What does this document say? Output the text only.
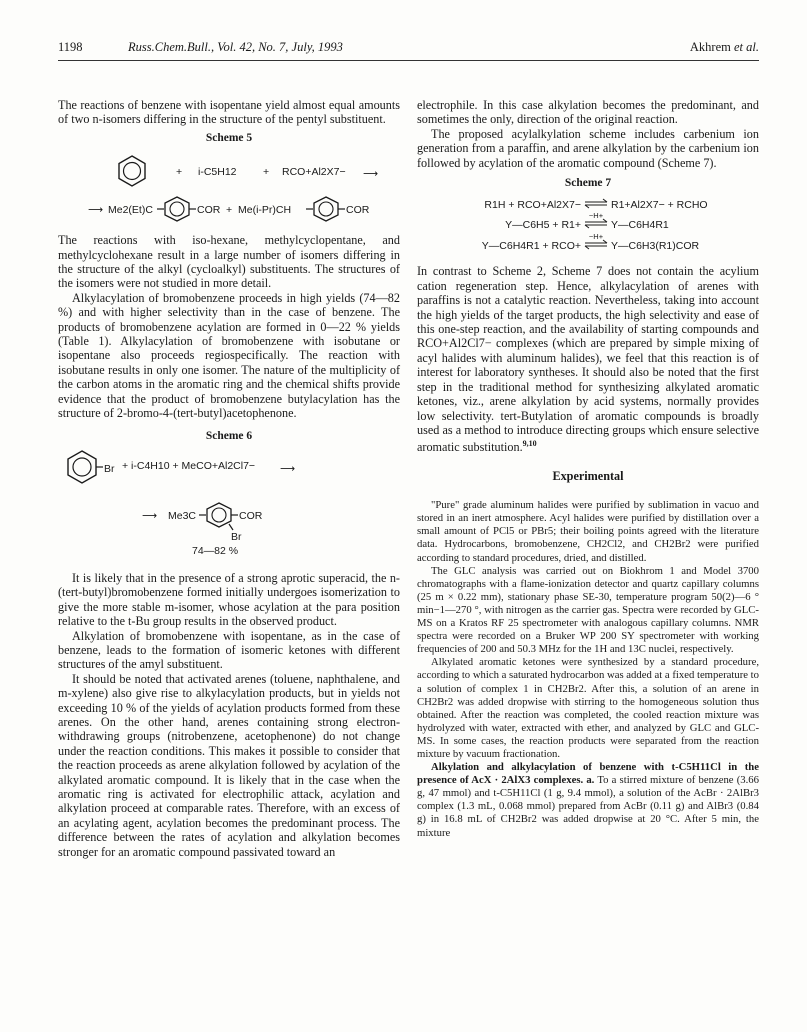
1198	Russ.Chem.Bull., Vol. 42, No. 7, July, 1993	Akhrem et al.

The reactions of benzene with isopentane yield almost equal amounts of two n-isomers differing in the structure of the pentyl substituent.

Scheme 5
+ i-C5H12	+ RCO+Al2X7− ⟶
⟶ Me2(Et)C	COR + Me(i-Pr)CH	COR

The reactions with iso-hexane, methylcyclopentane, and methylcyclohexane result in a large number of isomers differing in the structure of the alkyl (cycloalkyl) substituents. The structures of the isomers were not studied in more detail.

Alkylacylation of bromobenzene proceeds in high yields (74—82 %) and with higher selectivity than in the case of benzene. The products of bromobenzene acylation are formed in 0—22 % yields (Table 1). Alkylacylation of bromobenzene with isobutane or isopentane also proceeds regiospecifically. The reaction with isobutane results in only one isomer. The nature of the multiplicity of the carbon atoms in the aromatic ring and the chemical shifts provide evidence that the product of bromobenzene butylacylation has the structure of 2-bromo-4-(tert-butyl)acetophenone.

Scheme 6
Br + i-C4H10 + MeCO+Al2Cl7− ⟶
⟶ Me3C	COR
Br
74—82 %

It is likely that in the presence of a strong aprotic superacid, the n-(tert-butyl)bromobenzene formed initially undergoes isomerization to give the more stable m-isomer, whose acylation at the para position relative to the t-Bu group results in the observed product.

Alkylation of bromobenzene with isopentane, as in the case of benzene, leads to the formation of isomeric ketones with different structures of the amyl substituent.

It should be noted that activated arenes (toluene, naphthalene, and m-xylene) also give rise to alkylacylation products, but in yields not exceeding 10 % of the yields of acylation products formed from these arenes. On the other hand, arenes containing strong electron-withdrawing groups (nitrobenzene, acetophenone) do not change under the reaction conditions. This makes it possible to consider that the reaction proceeds as arene alkylation followed by acylation of the alkylated aromatic compound. It is likely that in the case when the aromatic ring is activated for electrophilic attack, acylation and alkylation proceed at comparable rates. Therefore, with an excess of an acylating agent, acylation becomes the predominant process. The difference between the rates of acylation and alkylation becomes stronger for an aromatic compound passivated toward an

electrophile. In this case alkylation becomes the predominant, and sometimes the only, direction of the original reaction.

The proposed acylalkylation scheme includes carbenium ion generation from a paraffin, and arene alkylation by the carbenium ion followed by acylation of the aromatic compound (Scheme 7).

Scheme 7
R1H + RCO+Al2X7−	R1+Al2X7− + RCHO
Y—C6H5 + R1+
−H+
Y—C6H4R1
Y—C6H4R1 + RCO+
−H+
Y—C6H3(R1)COR

In contrast to Scheme 2, Scheme 7 does not contain the acylium cation regeneration step. Hence, alkylacylation of arenes with paraffins is not a catalytic reaction. Nevertheless, taking into account the high yields of the target products, the high selectivity and ease of this one-step reaction, and the availability of starting compounds and RCO+Al2Cl7− complexes (which are prepared by simple mixing of acyl halides with aluminum halides), we feel that this reaction is of interest for laboratory syntheses. It should also be noted that the first step in the traditional method for synthesizing alkylated aromatic ketones, viz., arene alkylation by acid systems, normally provides low selectivity. tert-Butylation of aromatic compounds is broadly used as a method to introduce directing groups which ensure selective aromatic substitution.$^{9,10}$

Experimental

"Pure" grade aluminum halides were purified by sublimation in vacuo and stored in an inert atmosphere. Acyl halides were purified by distillation over a small amount of PCl5 or PBr5; their boiling points agreed with the literature data. Hydrocarbons, bromobenzene, CH2Cl2, and CH2Br2 were purified according to standard procedures, dried, and distilled.

The GLC analysis was carried out on Biokhrom 1 and Model 3700 chromatographs with a flame-ionization detector and quartz capillary columns (25 m × 0.22 mm), stationary phase SE-30, temperature program 50(2)—6 ° min−1—270 °, with nitrogen as the carrier gas. Spectra were recorded by GLC-MS on a Kratos RF 25 spectrometer with analogous capillary columns. NMR spectra were recorded on a Bruker WP 200 SY spectrometer with working frequencies of 200 and 50.3 MHz for the 1H and 13C nuclei, respectively.

Alkylated aromatic ketones were synthesized by a standard procedure, according to which a saturated hydrocarbon was added at a fixed temperature to a solution of complex 1 in CH2Br2. After this, a solution of an arene in CH2Br2 was added dropwise with stirring to the homogeneous solution thus obtained. After the reaction was completed, the cooled reaction mixture was hydrolyzed with water, extracted with ether, and analyzed by GLC and GLC-MS. In some cases, the reaction products were separated from the reaction mixture by vacuum fractionation.

Alkylation and alkylacylation of benzene with t-C5H11Cl in the presence of AcX · 2AlX3 complexes. a. To a stirred mixture of benzene (3.66 g, 47 mmol) and t-C5H11Cl (1 g, 9.4 mmol), a solution of the AcBr · 2AlBr3 complex (1.3 mL, 0.068 mmol) prepared from AcBr (0.11 g) and AlBr3 (0.84 g) in 16.8 mL of CH2Br2 was added dropwise at 20 °C. After 5 min, the mixture
